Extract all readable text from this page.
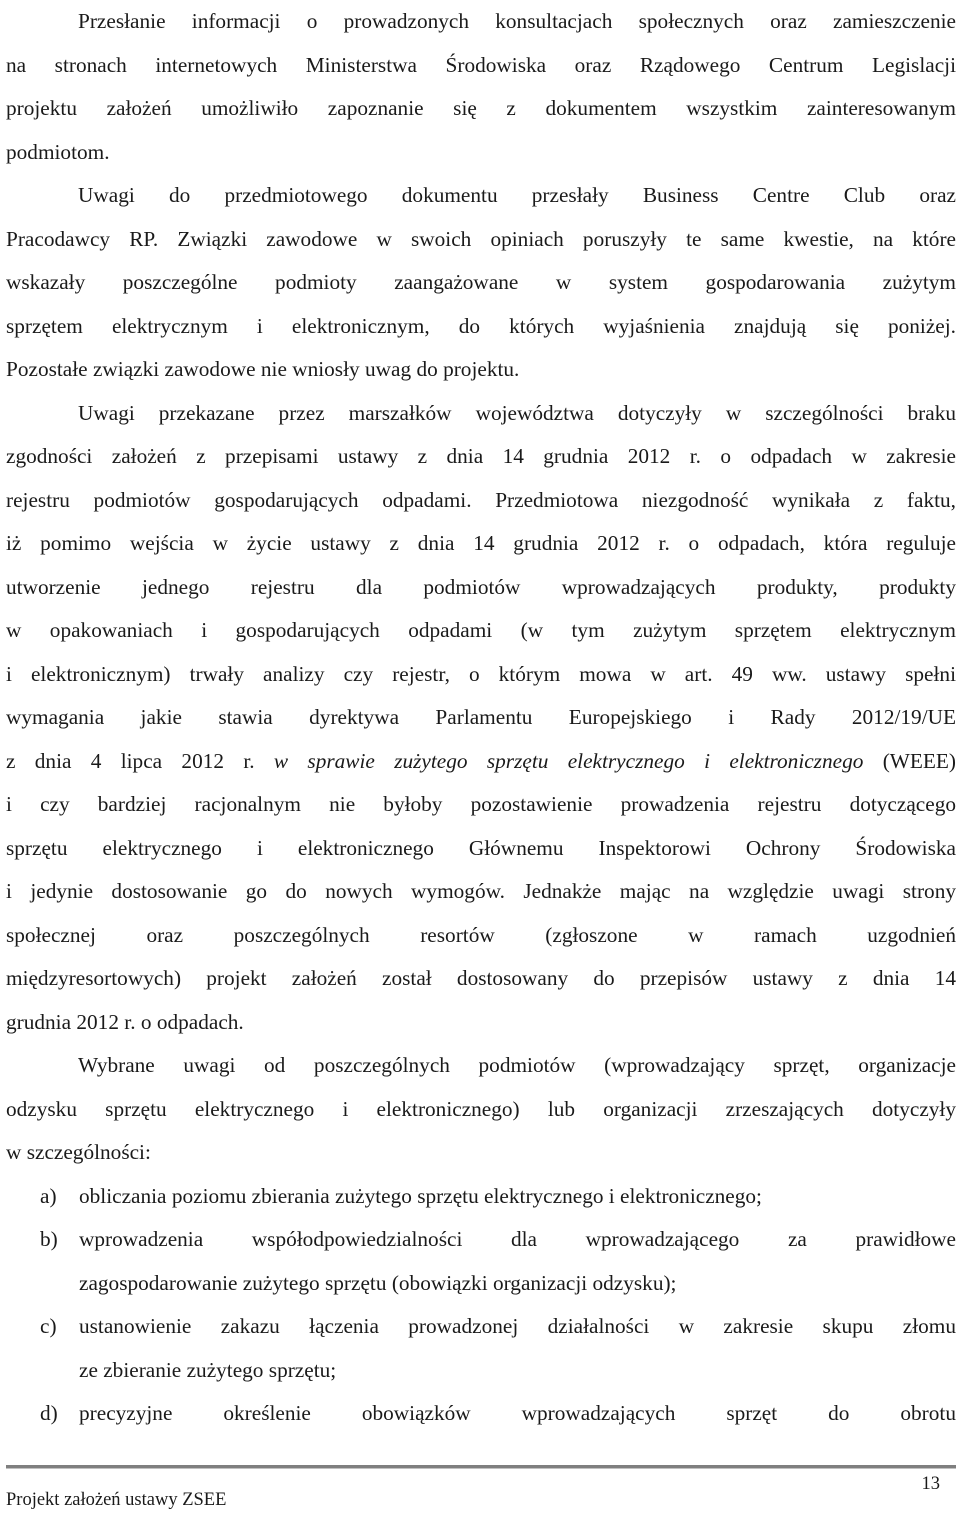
Przesłanie informacji o prowadzonych konsultacjach społecznych oraz zamieszczenie
na stronach internetowych Ministerstwa Środowiska oraz Rządowego Centrum Legislacji
projektu założeń umożliwiło zapoznanie się z dokumentem wszystkim zainteresowanym
podmiotom.
Uwagi do przedmiotowego dokumentu przesłały Business Centre Club oraz
Pracodawcy RP. Związki zawodowe w swoich opiniach poruszyły te same kwestie, na które
wskazały poszczególne podmioty zaangażowane w system gospodarowania zużytym
sprzętem elektrycznym i elektronicznym, do których wyjaśnienia znajdują się poniżej.
Pozostałe związki zawodowe nie wniosły uwag do projektu.
Uwagi przekazane przez marszałków województwa dotyczyły w szczególności braku
zgodności założeń z przepisami ustawy z dnia 14 grudnia 2012 r. o odpadach w zakresie
rejestru podmiotów gospodarujących odpadami. Przedmiotowa niezgodność wynikała z faktu,
iż pomimo wejścia w życie ustawy z dnia 14 grudnia 2012 r. o odpadach, która reguluje
utworzenie jednego rejestru dla podmiotów wprowadzających produkty, produkty
w opakowaniach i gospodarujących odpadami (w tym zużytym sprzętem elektrycznym
i elektronicznym) trwały analizy czy rejestr, o którym mowa w art. 49 ww. ustawy spełni
wymagania jakie stawia dyrektywa Parlamentu Europejskiego i Rady 2012/19/UE
z dnia 4 lipca 2012 r. w sprawie zużytego sprzętu elektrycznego i elektronicznego (WEEE)
i czy bardziej racjonalnym nie byłoby pozostawienie prowadzenia rejestru dotyczącego
sprzętu elektrycznego i elektronicznego Głównemu Inspektorowi Ochrony Środowiska
i jedynie dostosowanie go do nowych wymogów. Jednakże mając na względzie uwagi strony
społecznej oraz poszczególnych resortów (zgłoszone w ramach uzgodnień
międzyresortowych) projekt założeń został dostosowany do przepisów ustawy z dnia 14
grudnia 2012 r. o odpadach.
Wybrane uwagi od poszczególnych podmiotów (wprowadzający sprzęt, organizacje
odzysku sprzętu elektrycznego i elektronicznego) lub organizacji zrzeszających dotyczyły
w szczególności:
a) obliczania poziomu zbierania zużytego sprzętu elektrycznego i elektronicznego;
b) wprowadzenia współodpowiedzialności dla wprowadzającego za prawidłowe
zagospodarowanie zużytego sprzętu (obowiązki organizacji odzysku);
c) ustanowienie zakazu łączenia prowadzonej działalności w zakresie skupu złomu
ze zbieranie zużytego sprzętu;
d) precyzyjne określenie obowiązków wprowadzających sprzęt do obrotu
13
Projekt założeń ustawy ZSEE
